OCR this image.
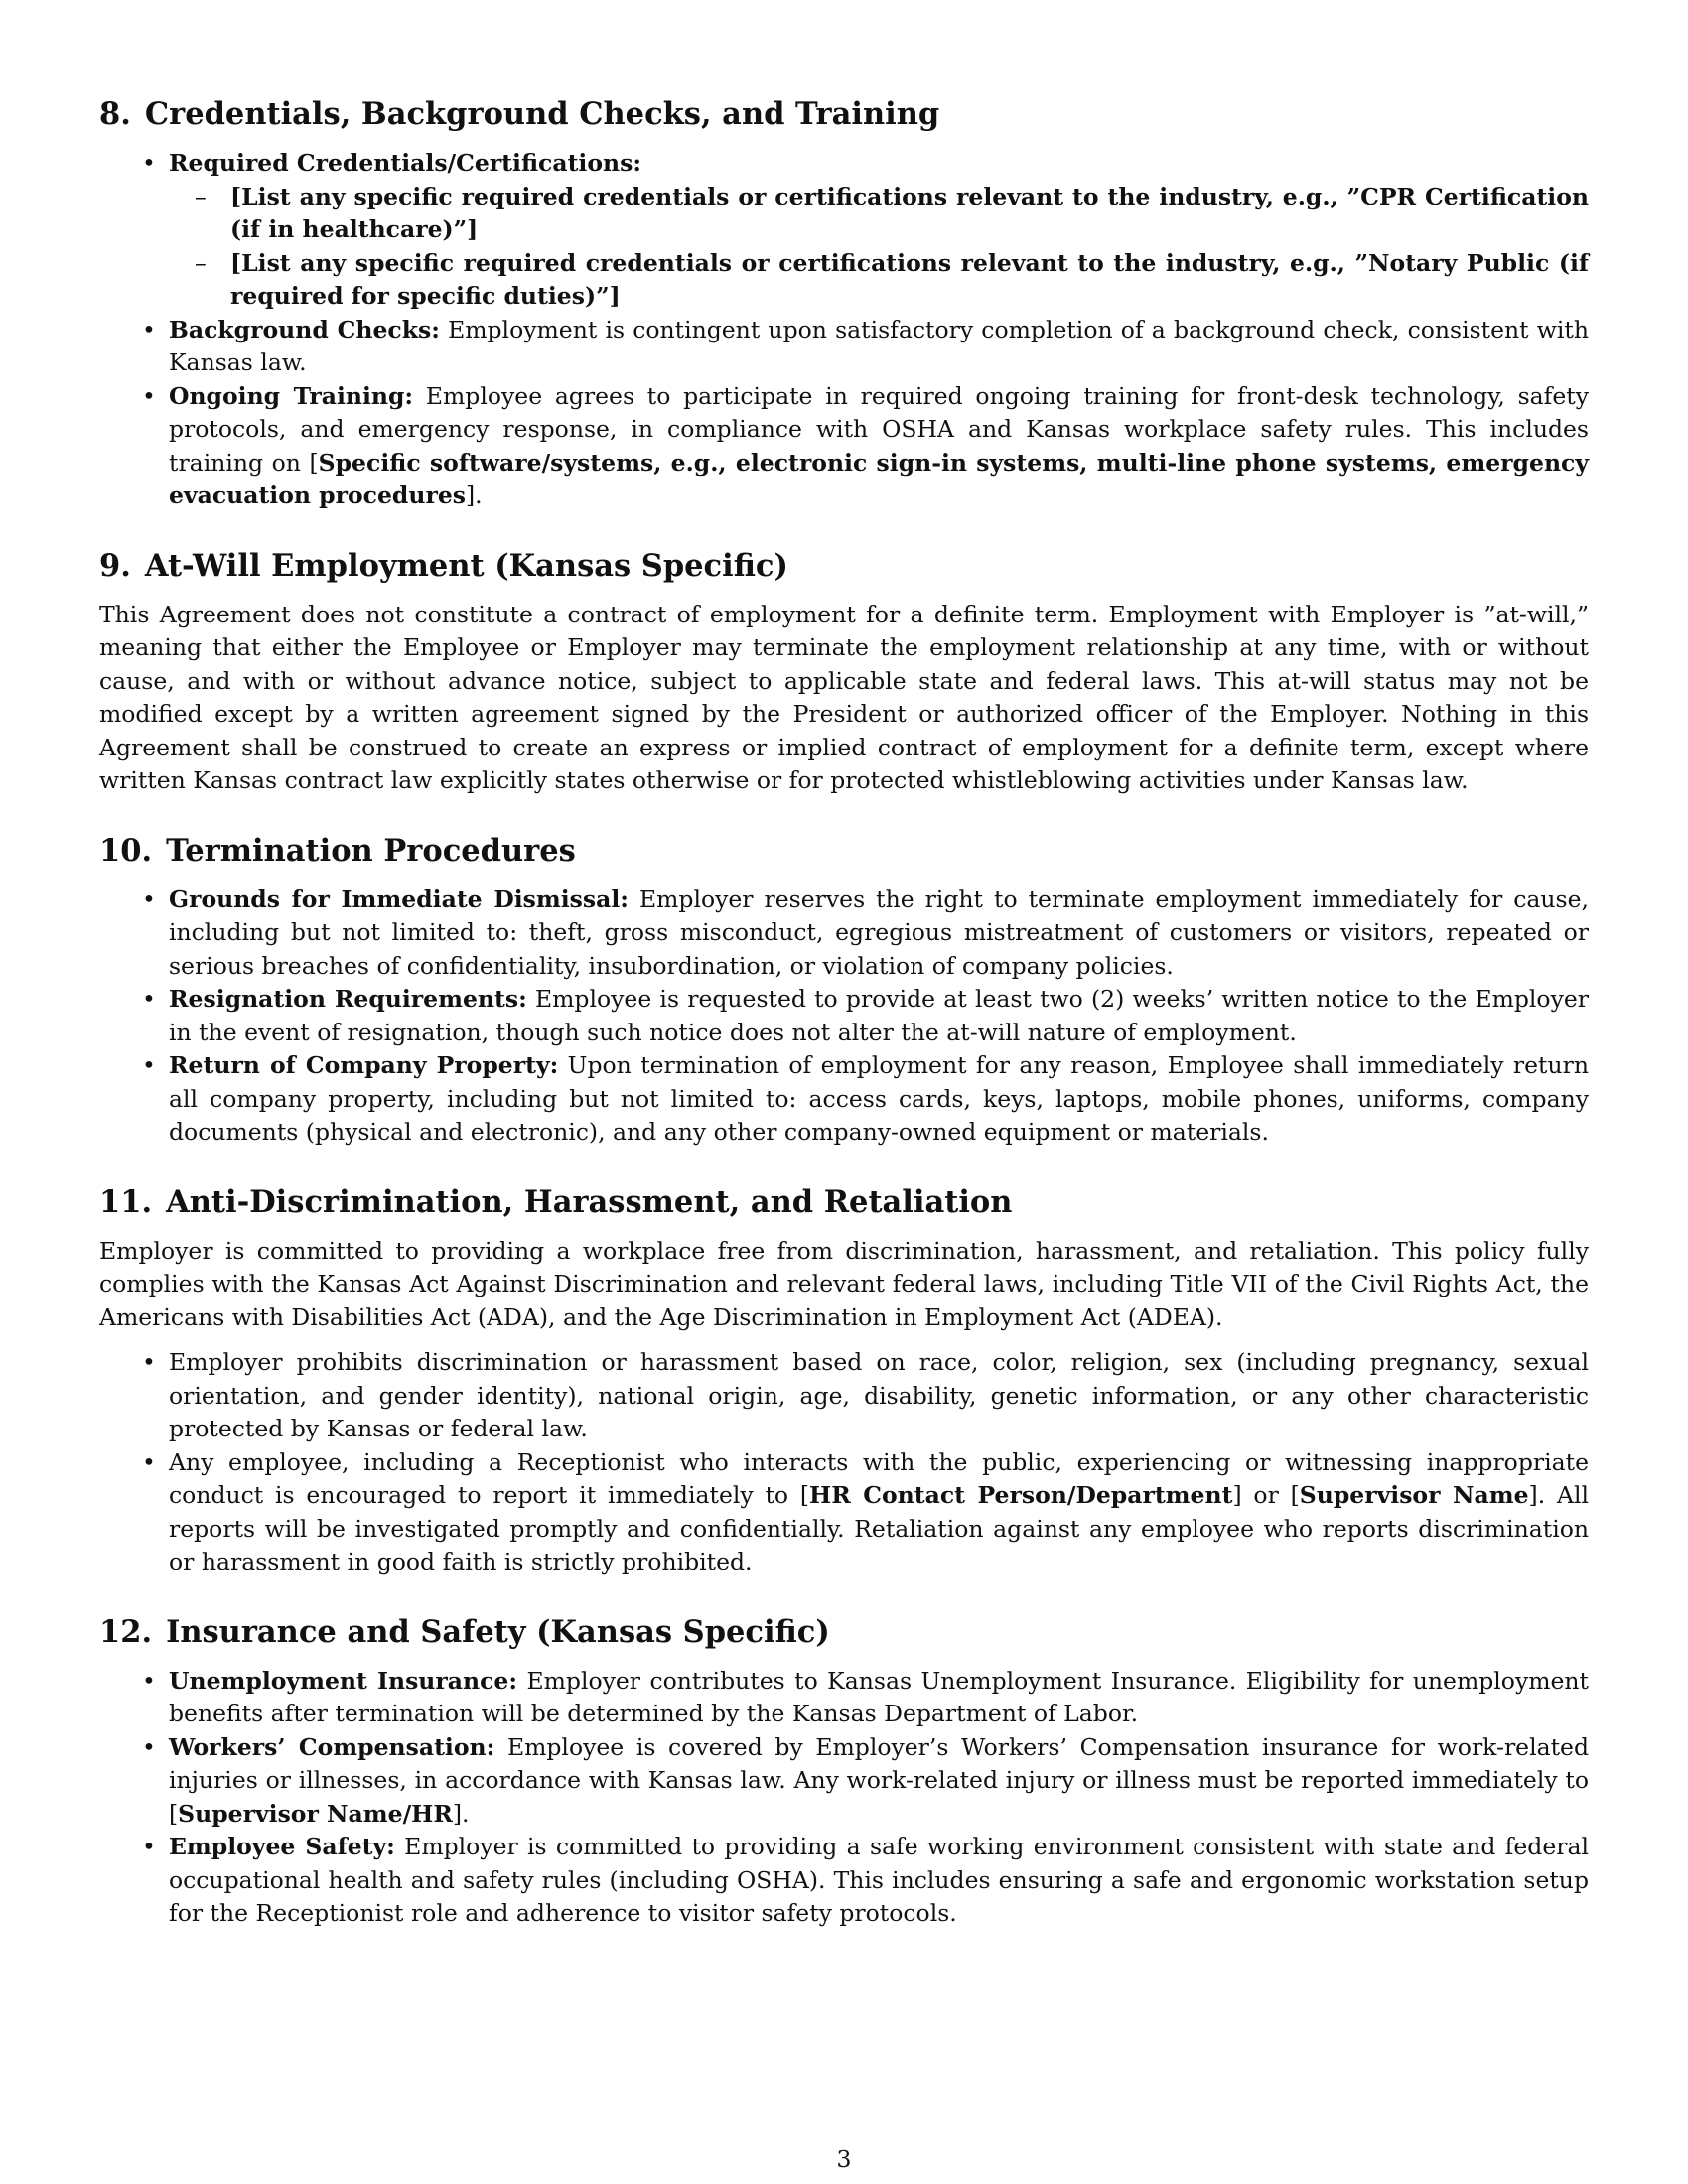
8. Credentials, Background Checks, and Training
• Required Credentials/Certifications:
– [List any specific required credentials or certifications relevant to the industry, e.g., ”CPR Certification (if in healthcare)”]
– [List any specific required credentials or certifications relevant to the industry, e.g., ”Notary Public (if required for specific duties)”]
• Background Checks: Employment is contingent upon satisfactory completion of a background check, consistent with Kansas law.
• Ongoing Training: Employee agrees to participate in required ongoing training for front-desk technology, safety protocols, and emergency response, in compliance with OSHA and Kansas workplace safety rules. This includes training on [Specific software/systems, e.g., electronic sign-in systems, multi-line phone systems, emergency evacuation procedures].
9. At-Will Employment (Kansas Specific)

This Agreement does not constitute a contract of employment for a definite term. Employment with Employer is ”at-will,” meaning that either the Employee or Employer may terminate the employment relationship at any time, with or without cause, and with or without advance notice, subject to applicable state and federal laws. This at-will status may not be modified except by a written agreement signed by the President or authorized officer of the Employer. Nothing in this Agreement shall be construed to create an express or implied contract of employment for a definite term, except where written Kansas contract law explicitly states otherwise or for protected whistleblowing activities under Kansas law.

10. Termination Procedures
• Grounds for Immediate Dismissal: Employer reserves the right to terminate employment immediately for cause, including but not limited to: theft, gross misconduct, egregious mistreatment of customers or visitors, repeated or serious breaches of confidentiality, insubordination, or violation of company policies.
• Resignation Requirements: Employee is requested to provide at least two (2) weeks’ written notice to the Employer in the event of resignation, though such notice does not alter the at-will nature of employment.
• Return of Company Property: Upon termination of employment for any reason, Employee shall immediately return all company property, including but not limited to: access cards, keys, laptops, mobile phones, uniforms, company documents (physical and electronic), and any other company-owned equipment or materials.
11. Anti-Discrimination, Harassment, and Retaliation

Employer is committed to providing a workplace free from discrimination, harassment, and retaliation. This policy fully complies with the Kansas Act Against Discrimination and relevant federal laws, including Title VII of the Civil Rights Act, the Americans with Disabilities Act (ADA), and the Age Discrimination in Employment Act (ADEA).

• Employer prohibits discrimination or harassment based on race, color, religion, sex (including pregnancy, sexual orientation, and gender identity), national origin, age, disability, genetic information, or any other characteristic protected by Kansas or federal law.
• Any employee, including a Receptionist who interacts with the public, experiencing or witnessing inappropriate conduct is encouraged to report it immediately to [HR Contact Person/Department] or [Supervisor Name]. All reports will be investigated promptly and confidentially. Retaliation against any employee who reports discrimination or harassment in good faith is strictly prohibited.
12. Insurance and Safety (Kansas Specific)
• Unemployment Insurance: Employer contributes to Kansas Unemployment Insurance. Eligibility for unemployment benefits after termination will be determined by the Kansas Department of Labor.
• Workers’ Compensation: Employee is covered by Employer’s Workers’ Compensation insurance for work-related injuries or illnesses, in accordance with Kansas law. Any work-related injury or illness must be reported immediately to [Supervisor Name/HR].
• Employee Safety: Employer is committed to providing a safe working environment consistent with state and federal occupational health and safety rules (including OSHA). This includes ensuring a safe and ergonomic workstation setup for the Receptionist role and adherence to visitor safety protocols.
3
